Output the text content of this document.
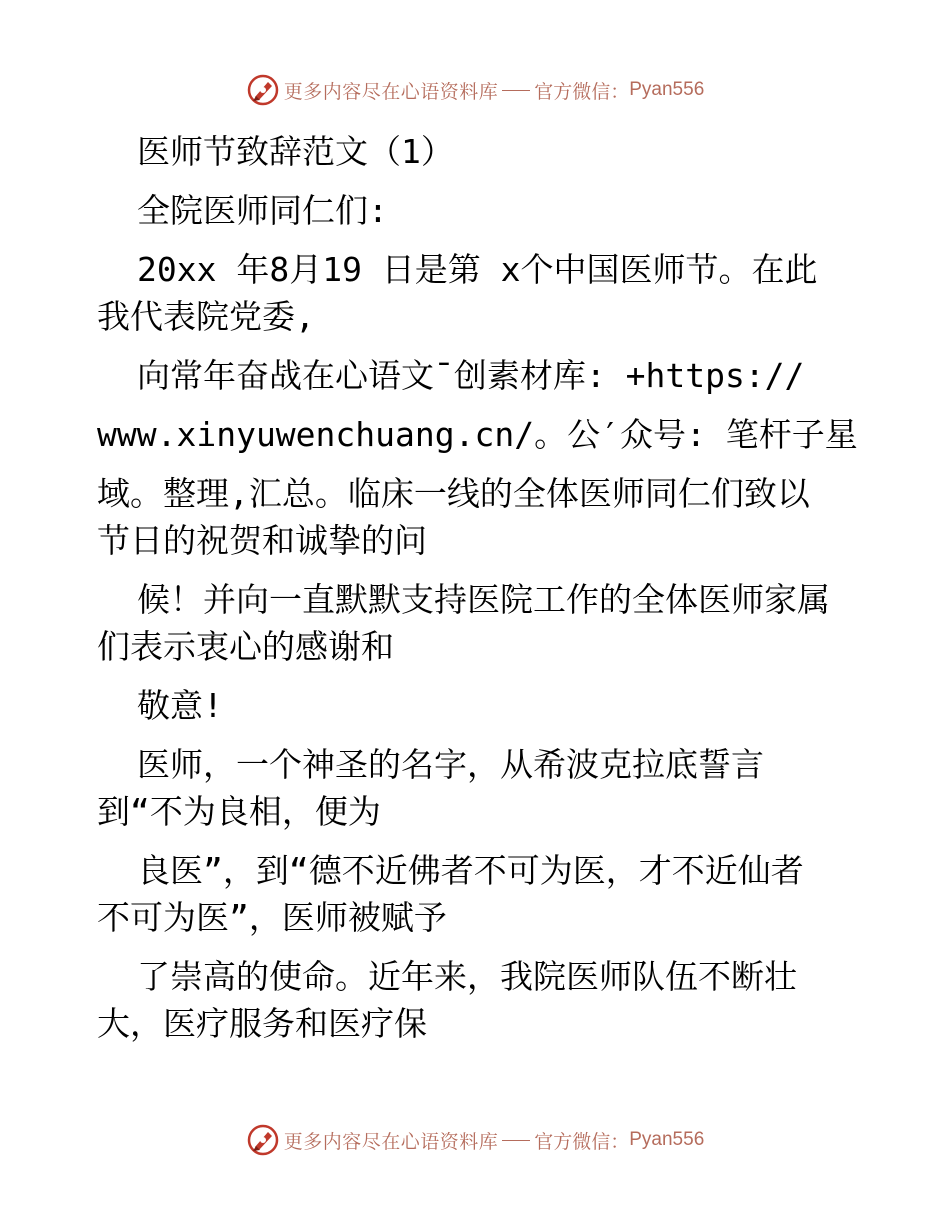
更多内容尽在心语资料库 官方微信： Pyan556
医师节致辞范文（1）
全院医师同仁们:
20xx 年8月19 日是第 x个中国医师节。在此
我代表院党委,
向常年奋战在心语文¯创素材库: +https://
www.xinyuwenchuang.cn/。公′众号: 笔杆子星
域。整理,汇总。临床一线的全体医师同仁们致以
节日的祝贺和诚挚的问
候！并向一直默默支持医院工作的全体医师家属
们表示衷心的感谢和
敬意!
医师，一个神圣的名字，从希波克拉底誓言
到“不为良相，便为
良医”，到“德不近佛者不可为医，才不近仙者
不可为医”，医师被赋予
了崇高的使命。近年来，我院医师队伍不断壮
大，医疗服务和医疗保
更多内容尽在心语资料库 官方微信： Pyan556
